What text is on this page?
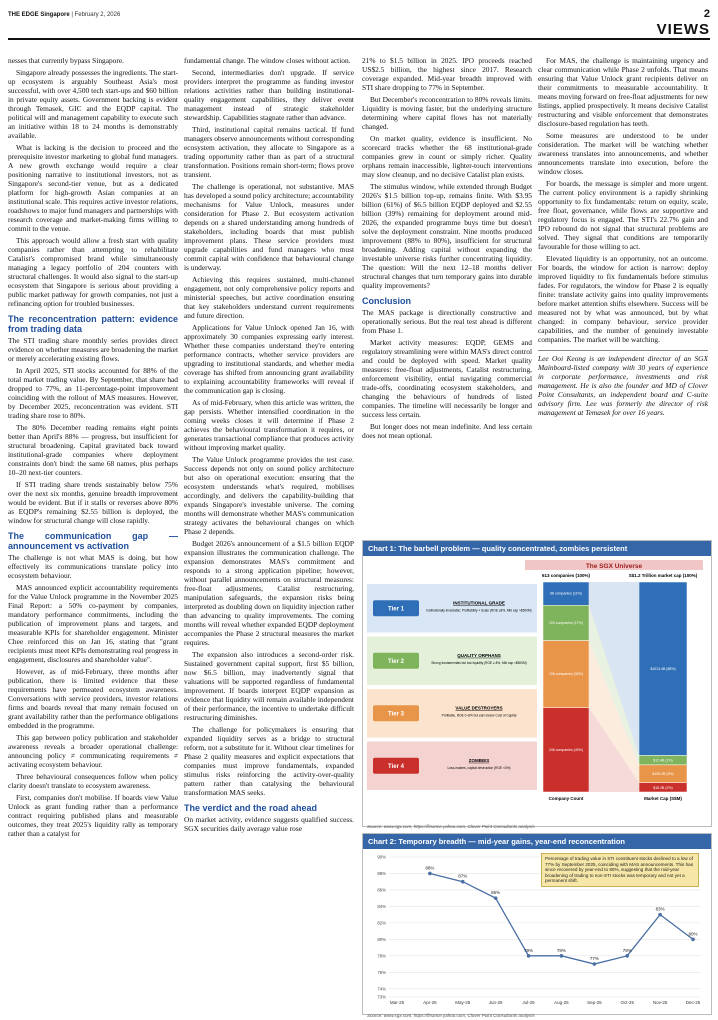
THE EDGE Singapore | February 2, 2026	2
VIEWS

nesses that currently bypass Singapore.

Singapore already possesses the ingredients. The start-up ecosystem is arguably Southeast Asia's most successful, with over 4,500 tech start-ups and $60 billion in private equity assets. Government backing is evident through Temasek, GIC and the EQDP capital. The political will and management capability to execute such an initiative within 18 to 24 months is demonstrably available.

What is lacking is the decision to proceed and the prerequisite investor marketing to global fund managers. A new growth exchange would require a clear positioning narrative to institutional investors, not as Singapore's second-tier venue, but as a dedicated platform for high-growth Asian companies at an institutional scale. This requires active investor relations, roadshows to major fund managers and partnerships with research coverage and market-making firms willing to commit to the venue.

This approach would allow a fresh start with quality companies rather than attempting to rehabilitate Catalist's compromised brand while simultaneously managing a legacy portfolio of 204 counters with structural challenges. It would also signal to the start-up ecosystem that Singapore is serious about providing a public market pathway for growth companies, not just a refinancing option for troubled businesses.

The reconcentration pattern: evidence from trading data

The STI trading share monthly series provides direct evidence on whether measures are broadening the market or merely accelerating existing flows.

In April 2025, STI stocks accounted for 88% of the total market trading value. By September, that share had dropped to 77%, an 11-percentage-point improvement coinciding with the rollout of MAS measures. However, by December 2025, reconcentration was evident. STI trading share rose to 80%.

The 80% December reading remains eight points better than April's 88% — progress, but insufficient for structural broadening. Capital gravitated back toward institutional-grade companies where deployment constraints don't bind: the same 68 names, plus perhaps 10–20 next-tier counters.

If STI trading share trends sustainably below 75% over the next six months, genuine breadth improvement would be evident. But if it stalls or reverses above 80% as EQDP's remaining $2.55 billion is deployed, the window for structural change will close rapidly.

The communication gap — announcement vs activation

The challenge is not what MAS is doing, but how effectively its communications translate policy into ecosystem behaviour.

MAS announced explicit accountability requirements for the Value Unlock programme in the November 2025 Final Report: a 50% co-payment by companies, mandatory performance commitments, including the publication of improvement plans and targets, and measurable KPIs for shareholder engagement. Minister Chee reinforced this on Jan 16, stating that "grant recipients must meet KPIs demonstrating real progress in engagement, disclosures and shareholder value".

However, as of mid-February, three months after publication, there is limited evidence that these requirements have permeated ecosystem awareness. Conversations with service providers, investor relations firms and boards reveal that many remain focused on grant availability rather than the performance obligations embedded in the programme.

This gap between policy publication and stakeholder awareness reveals a broader operational challenge: announcing policy ≠ communicating requirements ≠ activating ecosystem behaviour.

Three behavioural consequences follow when policy clarity doesn't translate to ecosystem awareness.

First, companies don't mobilise. If boards view Value Unlock as grant funding rather than a performance contract requiring published plans and measurable outcomes, they treat 2025's liquidity rally as temporary rather than a catalyst for

fundamental change. The window closes without action.

Second, intermediaries don't upgrade. If service providers interpret the programme as funding investor relations activities rather than building institutional-quality engagement capabilities, they deliver event management instead of strategic stakeholder stewardship. Capabilities stagnate rather than advance.

Third, institutional capital remains tactical. If fund managers observe announcements without corresponding ecosystem activation, they allocate to Singapore as a trading opportunity rather than as part of a structural transformation. Positions remain short-term; flows prove transient.

The challenge is operational, not substantive. MAS has developed a sound policy architecture; accountability mechanisms for Value Unlock, measures under consideration for Phase 2. But ecosystem activation depends on a shared understanding among hundreds of stakeholders, including boards that must publish improvement plans. These service providers must upgrade capabilities and fund managers who must commit capital with confidence that behavioural change is underway.

Achieving this requires sustained, multi-channel engagement, not only comprehensive policy reports and ministerial speeches, but active coordination ensuring that key stakeholders understand current requirements and future direction.

Applications for Value Unlock opened Jan 16, with approximately 30 companies expressing early interest. Whether these companies understand they're entering performance contracts, whether service providers are upgrading to institutional standards, and whether media coverage has shifted from announcing grant availability to explaining accountability frameworks will reveal if the communication gap is closing.

As of mid-February, when this article was written, the gap persists. Whether intensified coordination in the coming weeks closes it will determine if Phase 2 achieves the behavioural transformation it requires, or generates transactional compliance that produces activity without improving market quality.

The Value Unlock programme provides the test case. Success depends not only on sound policy architecture but also on operational execution: ensuring that the ecosystem understands what's required, mobilises accordingly, and delivers the capability-building that expands Singapore's investable universe. The coming months will demonstrate whether MAS's communication strategy activates the behavioural changes on which Phase 2 depends.

Budget 2026's announcement of a $1.5 billion EQDP expansion illustrates the communication challenge. The expansion demonstrates MAS's commitment and responds to a strong application pipeline; however, without parallel announcements on structural measures: free-float adjustments, Catalist restructuring, manipulation safeguards, the expansion risks being interpreted as doubling down on liquidity injection rather than advancing to quality improvements. The coming months will reveal whether expanded EQDP deployment accompanies the Phase 2 structural measures the market requires.

The expansion also introduces a second-order risk. Sustained government capital support, first $5 billion, now $6.5 billion, may inadvertently signal that valuations will be supported regardless of fundamental improvement. If boards interpret EQDP expansion as evidence that liquidity will remain available independent of their performance, the incentive to undertake difficult restructuring diminishes.

The challenge for policymakers is ensuring that expanded liquidity serves as a bridge to structural reform, not a substitute for it. Without clear timelines for Phase 2 quality measures and explicit expectations that companies must improve fundamentals, expanded stimulus risks reinforcing the activity-over-quality pattern rather than catalysing the behavioural transformation MAS seeks.

The verdict and the road ahead

On market activity, evidence suggests qualified success. SGX securities daily average value rose

21% to $1.5 billion in 2025. IPO proceeds reached US$2.5 billion, the highest since 2017. Research coverage expanded. Mid-year breadth improved with STI share dropping to 77% in September.

But December's reconcentration to 80% reveals limits. Liquidity is moving faster, but the underlying structure determining where capital flows has not materially changed.

On market quality, evidence is insufficient. No scorecard tracks whether the 68 institutional-grade companies grew in count or simply richer. Quality orphans remain inaccessible, lighter-touch interventions may slow cleanup, and no decisive Catalist plan exists.

The stimulus window, while extended through Budget 2026's $1.5 billion top-up, remains finite. With $3.95 billion (61%) of $6.5 billion EQDP deployed and $2.55 billion (39%) remaining for deployment around mid-2026, the expanded programme buys time but doesn't solve the deployment constraint. Nine months produced improvement (88% to 80%), insufficient for structural broadening. Adding capital without expanding the investable universe risks further concentrating liquidity. The question: Will the next 12–18 months deliver structural changes that turn temporary gains into durable quality improvements?

Conclusion

The MAS package is directionally constructive and operationally serious. But the real test ahead is different from Phase 1.

Market activity measures: EQDP, GEMS and regulatory streamlining were within MAS's direct control and could be deployed with speed. Market quality measures: free-float adjustments, Catalist restructuring, enforcement visibility, ential navigating commercial trade-offs, coordinating ecosystem stakeholders, and changing the behaviours of hundreds of listed companies. The timeline will necessarily be longer and success less certain.

But longer does not mean indefinite. And less certain does not mean optional.

For MAS, the challenge is maintaining urgency and clear communication while Phase 2 unfolds. That means ensuring that Value Unlock grant recipients deliver on their commitments to measurable accountability. It means moving forward on free-float adjustments for new listings, applied prospectively. It means decisive Catalist restructuring and visible enforcement that demonstrates disclosure-based regulation has teeth.

Some measures are understood to be under consideration. The market will be watching whether awareness translates into announcements, and whether announcements translate into execution, before the window closes.

For boards, the message is simpler and more urgent. The current policy environment is a rapidly shrinking opportunity to fix fundamentals: return on equity, scale, free float, governance, while flows are supportive and regulatory focus is engaged. The STI's 22.7% gain and IPO rebound do not signal that structural problems are solved. They signal that conditions are temporarily favourable for those willing to act.

Elevated liquidity is an opportunity, not an outcome. For boards, the window for action is narrow: deploy improved liquidity to fix fundamentals before stimulus fades. For regulators, the window for Phase 2 is equally finite: translate activity gains into quality improvements before market attention shifts elsewhere. Success will be measured not by what was announced, but by what changed: in company behaviour, service provider capabilities, and the number of genuinely investable companies. The market will be watching.

Lee Ooi Keong is an independent director of an SGX Mainboard-listed company with 30 years of experience in corporate performance, investments and risk management. He is also the founder and MD of Clover Point Consultants, an independent board and C-suite advisory firm. Lee was formerly the director of risk management at Temasek for over 16 years.

Chart 1: The barbell problem — quality concentrated, zombies persistent
The SGX Universe
613 companies (100%)	S$1.2 Trillion market cap (100%)
Tier 1
INSTITUTIONAL GRADE
Institutionally investable; Profitability + Scale (ROE ≥8%, Mkt cap >$500M)
68 companies (11%)
Tier 2
QUALITY ORPHANS
Strong fundamentals but low liquidity (ROE ≥ 8%, Mkt cap <$500M)
103 companies (17%)
Tier 3
VALUE DESTROYERS
Profitable, ROE 0–8% but earn below Cost of Capital
196 companies (32%)
Tier 4
ZOMBIES
Loss-makers, capital destruction (ROE <0%)
246 companies (40%)
$1013.4B (88%)
$12.4B (1%)
$105.2B (9%)
$18.2B (2%)
Company Count	Market Cap (S$M)
Source: www.sgx.com, https://finance.yahoo.com, Clover Point Consultants analysis
Chart 2: Temporary breadth — mid-year gains, year-end reconcentration
73%
74%
76%
78%
80%
82%
84%
86%
88%
90%
Mar-25	Apr-25	May-25	Jun-25	Jul-25	Aug-25	Sep-25	Oct-25	Nov-25	Dec-25
88%
87%
85%
78%	78%
77%
78%
83%
80%
Percentage of trading value in STI constituent stocks declined to a low of 77% by September 2025, coinciding with MAS announcements. This has since recovered by year-end to 80%, suggesting that the mid-year broadening of trading to non-STI stocks was temporary and not yet a permanent shift.
Source: www.sgx.com, https://finance.yahoo.com, Clover Point Consultants analysis
